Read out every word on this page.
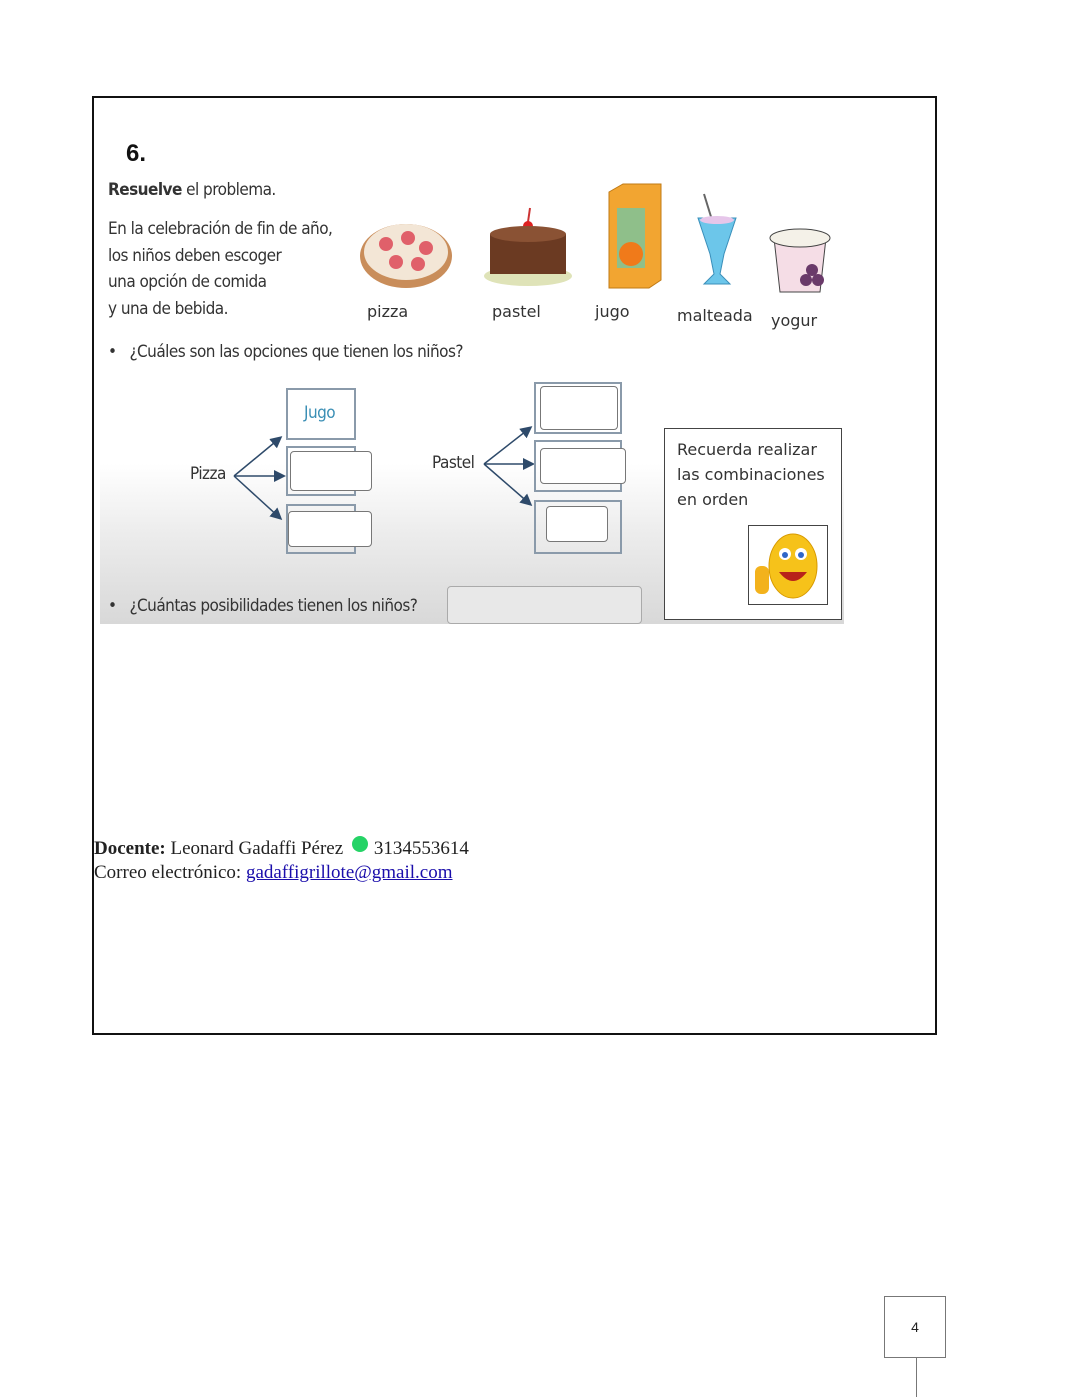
6.
Resuelve el problema.
En la celebración de fin de año,
los niños deben escoger
una opción de comida
y una de bebida.	pizza	pastel	jugo	malteada yogur
•   ¿Cuáles son las opciones que tienen los niños?
Pizza
Pastel
Jugo
•   ¿Cuántas posibilidades tienen los niños?
Recuerda realizar las combinaciones en orden
Docente: Leonard Gadaffi Pérez 3134553614
Correo electrónico: gadaffigrillote@gmail.com
4
